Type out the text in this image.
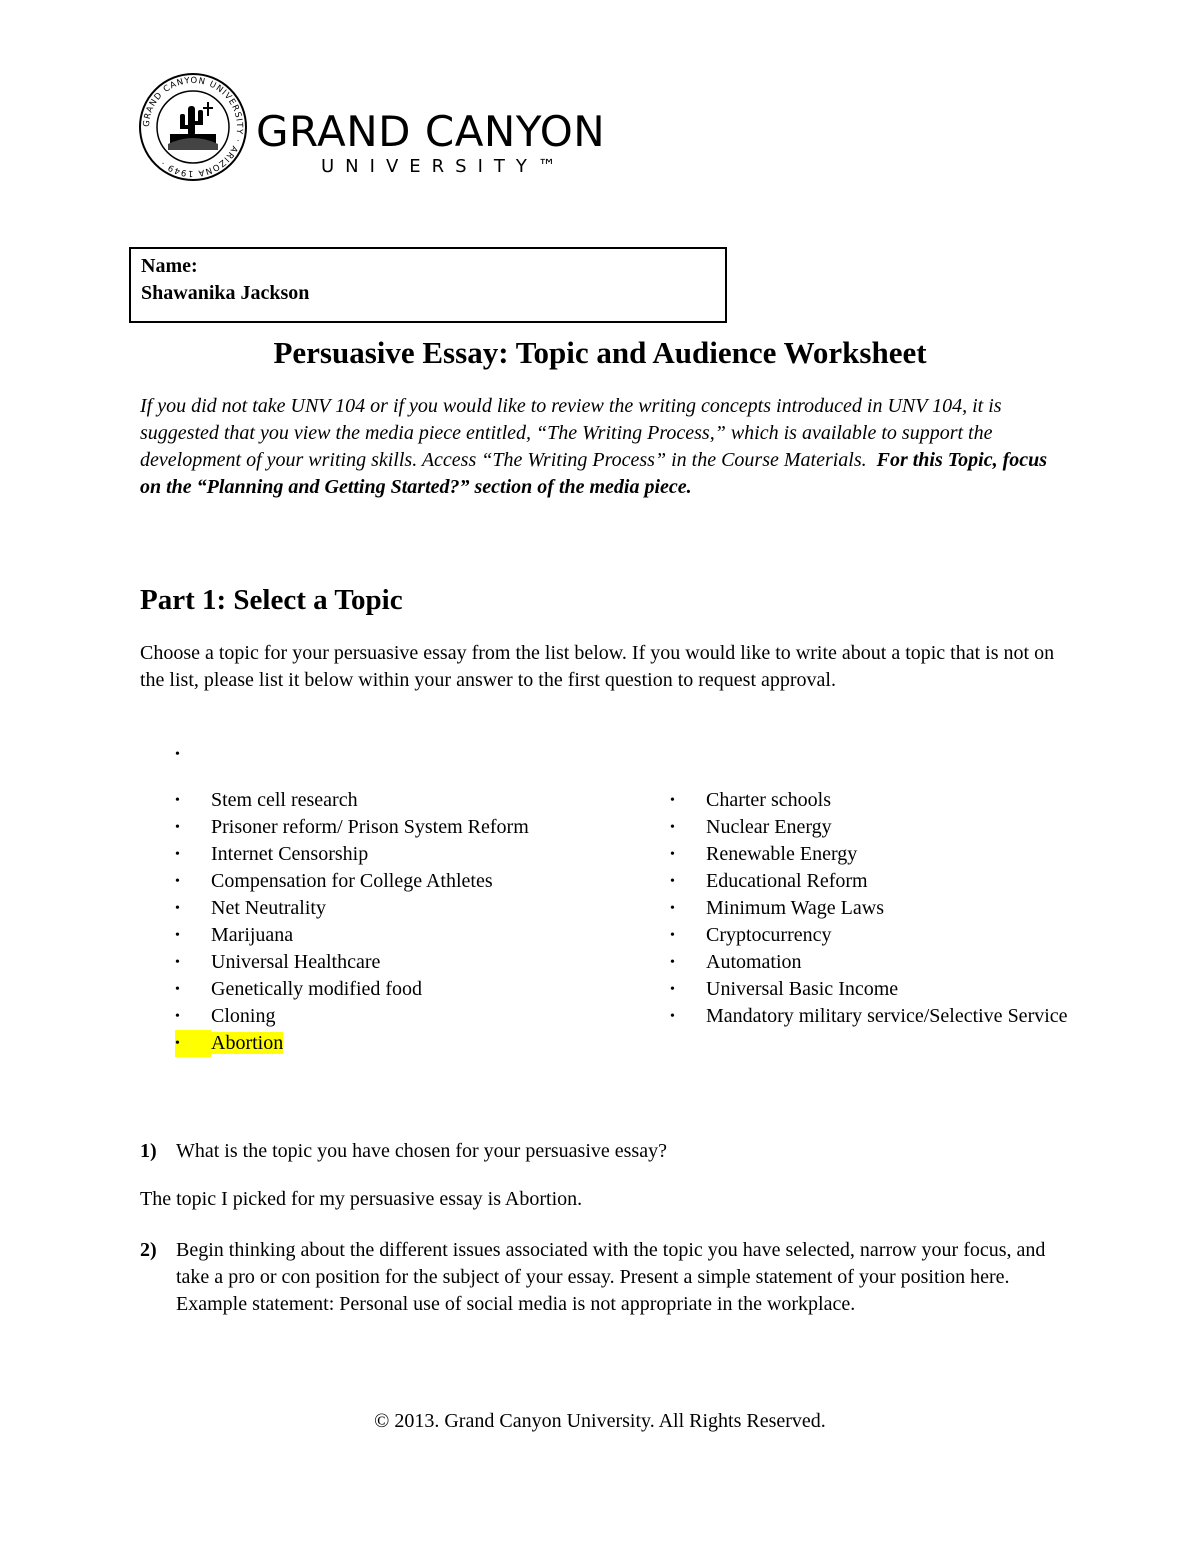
GRAND CANYON UNIVERSITY · ARIZONA 1949 ·
GRAND CANYON
UNIVERSITY™
Name:
Shawanika Jackson
Persuasive Essay: Topic and Audience Worksheet
If you did not take UNV 104 or if you would like to review the writing concepts introduced in UNV 104, it is suggested that you view the media piece entitled, “The Writing Process,” which is available to support the development of your writing skills. Access “The Writing Process” in the Course Materials. For this Topic, focus on the “Planning and Getting Started?” section of the media piece.
Part 1: Select a Topic
Choose a topic for your persuasive essay from the list below. If you would like to write about a topic that is not on the list, please list it below within your answer to the first question to request approval.
•
Stem cell research
Prisoner reform/ Prison System Reform
Internet Censorship
Compensation for College Athletes
Net Neutrality
Marijuana
Universal Healthcare
Genetically modified food
Cloning
•
Abortion
Charter schools
Nuclear Energy
Renewable Energy
Educational Reform
Minimum Wage Laws
Cryptocurrency
Automation
Universal Basic Income
Mandatory military service/Selective Service
1) What is the topic you have chosen for your persuasive essay?
The topic I picked for my persuasive essay is Abortion.
2) Begin thinking about the different issues associated with the topic you have selected, narrow your focus, and take a pro or con position for the subject of your essay. Present a simple statement of your position here. Example statement: Personal use of social media is not appropriate in the workplace.
© 2013. Grand Canyon University. All Rights Reserved.
